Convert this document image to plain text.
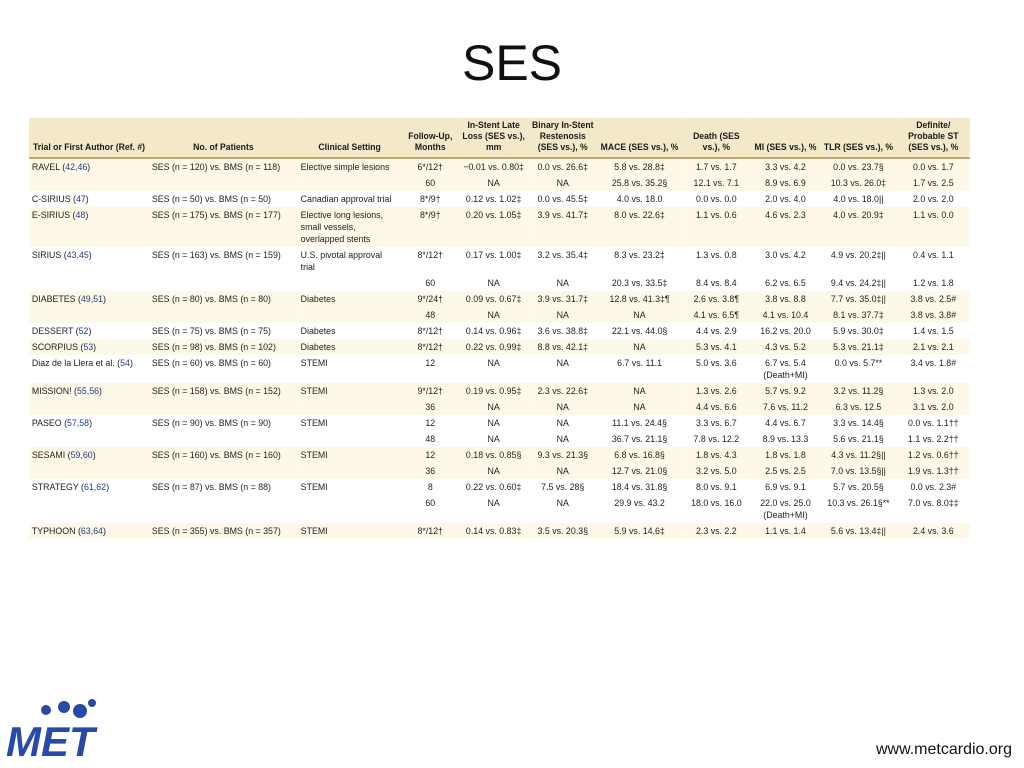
SES
Trial or First Author (Ref. #)	No. of Patients	Clinical Setting	Follow-Up, Months	In-Stent Late Loss (SES vs.), mm	Binary In-Stent Restenosis (SES vs.), %	MACE (SES vs.), %	Death (SES vs.), %	MI (SES vs.), %	TLR (SES vs.), %	Definite/ Probable ST (SES vs.), %
RAVEL (42,46)	SES (n = 120) vs. BMS (n = 118)	Elective simple lesions	6*/12†	−0.01 vs. 0.80‡	0.0 vs. 26.6‡	5.8 vs. 28.8‡	1.7 vs. 1.7	3.3 vs. 4.2	0.0 vs. 23.7§	0.0 vs. 1.7
			60	NA	NA	25.8 vs. 35.2§	12.1 vs. 7.1	8.9 vs. 6.9	10.3 vs. 26.0‡	1.7 vs. 2.5
C-SIRIUS (47)	SES (n = 50) vs. BMS (n = 50)	Canadian approval trial	8*/9†	0.12 vs. 1.02‡	0.0 vs. 45.5‡	4.0 vs. 18.0	0.0 vs. 0.0	2.0 vs. 4.0	4.0 vs. 18.0||	2.0 vs. 2.0
E-SIRIUS (48)	SES (n = 175) vs. BMS (n = 177)	Elective long lesions, small vessels, overlapped stents	8*/9†	0.20 vs. 1.05‡	3.9 vs. 41.7‡	8.0 vs. 22.6‡	1.1 vs. 0.6	4.6 vs. 2.3	4.0 vs. 20.9‡	1.1 vs. 0.0
SIRIUS (43,45)	SES (n = 163) vs. BMS (n = 159)	U.S. pivotal approval trial	8*/12†	0.17 vs. 1.00‡	3.2 vs. 35.4‡	8.3 vs. 23.2‡	1.3 vs. 0.8	3.0 vs. 4.2	4.9 vs. 20.2‡||	0.4 vs. 1.1
			60	NA	NA	20.3 vs. 33.5‡	8.4 vs. 8.4	6.2 vs. 6.5	9.4 vs. 24.2‡||	1.2 vs. 1.8
DIABETES (49,51)	SES (n = 80) vs. BMS (n = 80)	Diabetes	9*/24†	0.09 vs. 0.67‡	3.9 vs. 31.7‡	12.8 vs. 41.3‡¶	2.6 vs. 3.8¶	3.8 vs. 8.8	7.7 vs. 35.0‡||	3.8 vs. 2.5#
			48	NA	NA	NA	4.1 vs. 6.5¶	4.1 vs. 10.4	8.1 vs. 37.7‡	3.8 vs. 3.8#
DESSERT (52)	SES (n = 75) vs. BMS (n = 75)	Diabetes	8*/12†	0.14 vs. 0.96‡	3.6 vs. 38.8‡	22.1 vs. 44.0§	4.4 vs. 2.9	16.2 vs. 20.0	5.9 vs. 30.0‡	1.4 vs. 1.5
SCORPIUS (53)	SES (n = 98) vs. BMS (n = 102)	Diabetes	8*/12†	0.22 vs. 0.99‡	8.8 vs. 42.1‡	NA	5.3 vs. 4.1	4.3 vs. 5.2	5.3 vs. 21.1‡	2.1 vs. 2.1
Diaz de la Llera et al. (54)	SES (n = 60) vs. BMS (n = 60)	STEMI	12	NA	NA	6.7 vs. 11.1	5.0 vs. 3.6	6.7 vs. 5.4 (Death+MI)	0.0 vs. 5.7**	3.4 vs. 1.8#
MISSION! (55,56)	SES (n = 158) vs. BMS (n = 152)	STEMI	9*/12†	0.19 vs. 0.95‡	2.3 vs. 22.6‡	NA	1.3 vs. 2.6	5.7 vs. 9.2	3.2 vs. 11.2§	1.3 vs. 2.0
			36	NA	NA	NA	4.4 vs. 6.6	7.6 vs. 11.2	6.3 vs. 12.5	3.1 vs. 2.0
PASEO (57,58)	SES (n = 90) vs. BMS (n = 90)	STEMI	12	NA	NA	11.1 vs. 24.4§	3.3 vs. 6.7	4.4 vs. 6.7	3.3 vs. 14.4§	0.0 vs. 1.1††
			48	NA	NA	36.7 vs. 21.1§	7.8 vs. 12.2	8.9 vs. 13.3	5.6 vs. 21.1§	1.1 vs. 2.2††
SESAMI (59,60)	SES (n = 160) vs. BMS (n = 160)	STEMI	12	0.18 vs. 0.85§	9.3 vs. 21.3§	6.8 vs. 16.8§	1.8 vs. 4.3	1.8 vs. 1.8	4.3 vs. 11.2§||	1.2 vs. 0.6††
			36	NA	NA	12.7 vs. 21.0§	3.2 vs. 5.0	2.5 vs. 2.5	7.0 vs. 13.5§||	1.9 vs. 1.3††
STRATEGY (61,62)	SES (n = 87) vs. BMS (n = 88)	STEMI	8	0.22 vs. 0.60‡	7.5 vs. 28§	18.4 vs. 31.8§	8.0 vs. 9.1	6.9 vs. 9.1	5.7 vs. 20.5§	0.0 vs. 2.3#
			60	NA	NA	29.9 vs. 43.2	18.0 vs. 16.0	22.0 vs. 25.0 (Death+MI)	10.3 vs. 26.1§**	7.0 vs. 8.0‡‡
TYPHOON (63,64)	SES (n = 355) vs. BMS (n = 357)	STEMI	8*/12†	0.14 vs. 0.83‡	3.5 vs. 20.3§	5.9 vs. 14.6‡	2.3 vs. 2.2	1.1 vs. 1.4	5.6 vs. 13.4‡||	2.4 vs. 3.6
MET	www.metcardio.org
